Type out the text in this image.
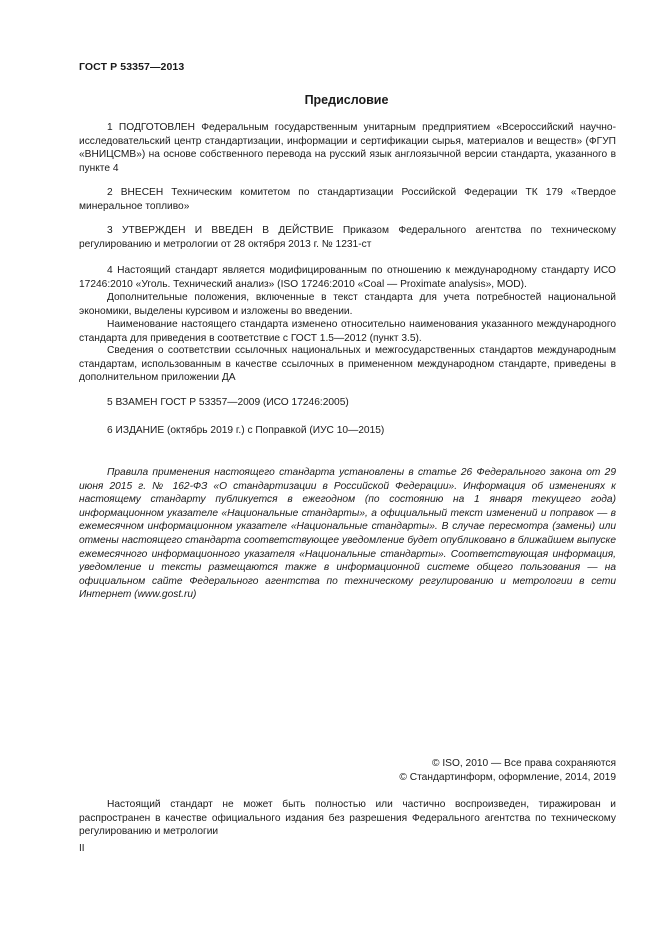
ГОСТ Р 53357—2013
Предисловие

1 ПОДГОТОВЛЕН Федеральным государственным унитарным предприятием «Всероссийский научно-исследовательский центр стандартизации, информации и сертификации сырья, материалов и веществ» (ФГУП «ВНИЦСМВ») на основе собственного перевода на русский язык англоязычной версии стандарта, указанного в пункте 4

2 ВНЕСЕН Техническим комитетом по стандартизации Российской Федерации ТК 179 «Твердое минеральное топливо»

3 УТВЕРЖДЕН И ВВЕДЕН В ДЕЙСТВИЕ Приказом Федерального агентства по техническому регулированию и метрологии от 28 октября 2013 г. № 1231-ст

4 Настоящий стандарт является модифицированным по отношению к международному стандарту ИСО 17246:2010 «Уголь. Технический анализ» (ISO 17246:2010 «Coal — Proximate analysis», MOD).

Дополнительные положения, включенные в текст стандарта для учета потребностей национальной экономики, выделены курсивом и изложены во введении.

Наименование настоящего стандарта изменено относительно наименования указанного международного стандарта для приведения в соответствие с ГОСТ 1.5—2012 (пункт 3.5).

Сведения о соответствии ссылочных национальных и межгосударственных стандартов международным стандартам, использованным в качестве ссылочных в примененном международном стандарте, приведены в дополнительном приложении ДА

5 ВЗАМЕН ГОСТ Р 53357—2009 (ИСО 17246:2005)

6 ИЗДАНИЕ (октябрь 2019 г.) с Поправкой (ИУС 10—2015)

Правила применения настоящего стандарта установлены в статье 26 Федерального закона от 29 июня 2015 г. № 162-ФЗ «О стандартизации в Российской Федерации». Информация об изменениях к настоящему стандарту публикуется в ежегодном (по состоянию на 1 января текущего года) информационном указателе «Национальные стандарты», а официальный текст изменений и поправок — в ежемесячном информационном указателе «Национальные стандарты». В случае пересмотра (замены) или отмены настоящего стандарта соответствующее уведомление будет опубликовано в ближайшем выпуске ежемесячного информационного указателя «Национальные стандарты». Соответствующая информация, уведомление и тексты размещаются также в информационной системе общего пользования — на официальном сайте Федерального агентства по техническому регулированию и метрологии в сети Интернет (www.gost.ru)

© ISO, 2010 — Все права сохраняются
© Стандартинформ, оформление, 2014, 2019

Настоящий стандарт не может быть полностью или частично воспроизведен, тиражирован и распространен в качестве официального издания без разрешения Федерального агентства по техническому регулированию и метрологии

II
